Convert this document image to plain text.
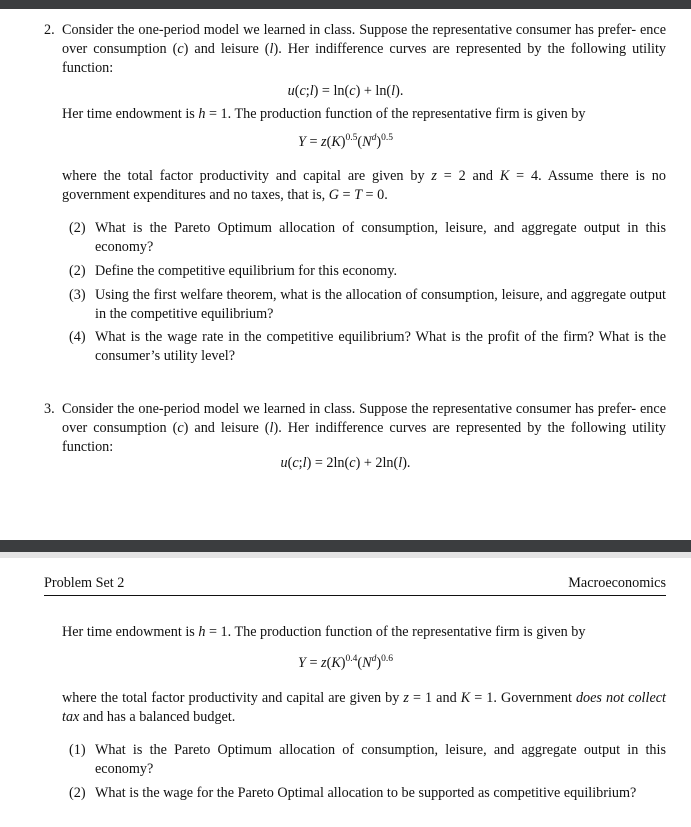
2. Consider the one-period model we learned in class. Suppose the representative consumer has prefer- ence over consumption (c) and leisure (l). Her indifference curves are represented by the following utility function:
u(c;l) = ln(c) + ln(l).
Her time endowment is h = 1. The production function of the representative firm is given by
$Y = z(K)^{0.5}(N^d)^{0.5}$
where the total factor productivity and capital are given by z = 2 and K = 4. Assume there is no government expenditures and no taxes, that is, G = T = 0.
(2) What is the Pareto Optimum allocation of consumption, leisure, and aggregate output in this economy?
(2) Define the competitive equilibrium for this economy.
(3) Using the first welfare theorem, what is the allocation of consumption, leisure, and aggregate output in the competitive equilibrium?
(4) What is the wage rate in the competitive equilibrium? What is the profit of the firm? What is the consumer’s utility level?
3. Consider the one-period model we learned in class. Suppose the representative consumer has prefer- ence over consumption (c) and leisure (l). Her indifference curves are represented by the following utility function:
u(c;l) = 2ln(c) + 2ln(l).
Problem Set 2	Macroeconomics
Her time endowment is h = 1. The production function of the representative firm is given by
$Y = z(K)^{0.4}(N^d)^{0.6}$
where the total factor productivity and capital are given by z = 1 and K = 1. Government does not collect tax and has a balanced budget.
(1) What is the Pareto Optimum allocation of consumption, leisure, and aggregate output in this economy?
(2) What is the wage for the Pareto Optimal allocation to be supported as competitive equilibrium?
